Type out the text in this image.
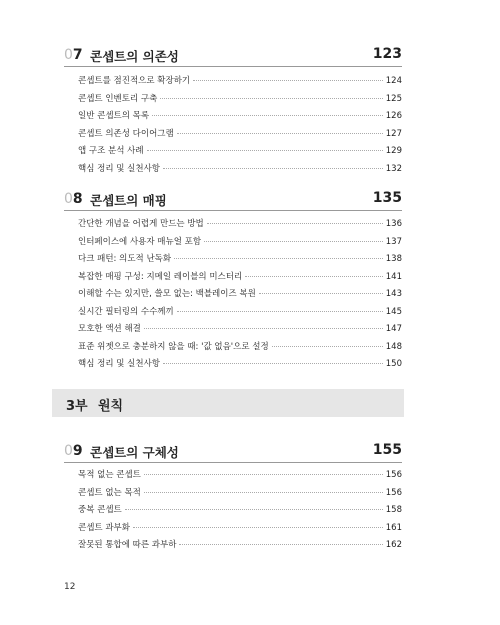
07 콘셉트의 의존성	123
콘셉트를 점진적으로 확장하기	124
콘셉트 인벤토리 구축	125
일반 콘셉트의 목록	126
콘셉트 의존성 다이어그램	127
앱 구조 분석 사례	129
핵심 정리 및 실천사항	132
08 콘셉트의 매핑	135
간단한 개념을 어렵게 만드는 방법	136
인터페이스에 사용자 매뉴얼 포함	137
다크 패턴: 의도적 난독화	138
복잡한 매핑 구성: 지메일 레이블의 미스터리	141
이해할 수는 있지만, 쓸모 없는: 백블레이즈 복원	143
실시간 필터링의 수수께끼	145
모호한 액션 해결	147
표준 위젯으로 충분하지 않을 때: '값 없음'으로 설정	148
핵심 정리 및 실천사항	150
3부 원칙
09 콘셉트의 구체성	155
목적 없는 콘셉트	156
콘셉트 없는 목적	156
중복 콘셉트	158
콘셉트 과부화	161
잘못된 통합에 따른 과부하	162
12
